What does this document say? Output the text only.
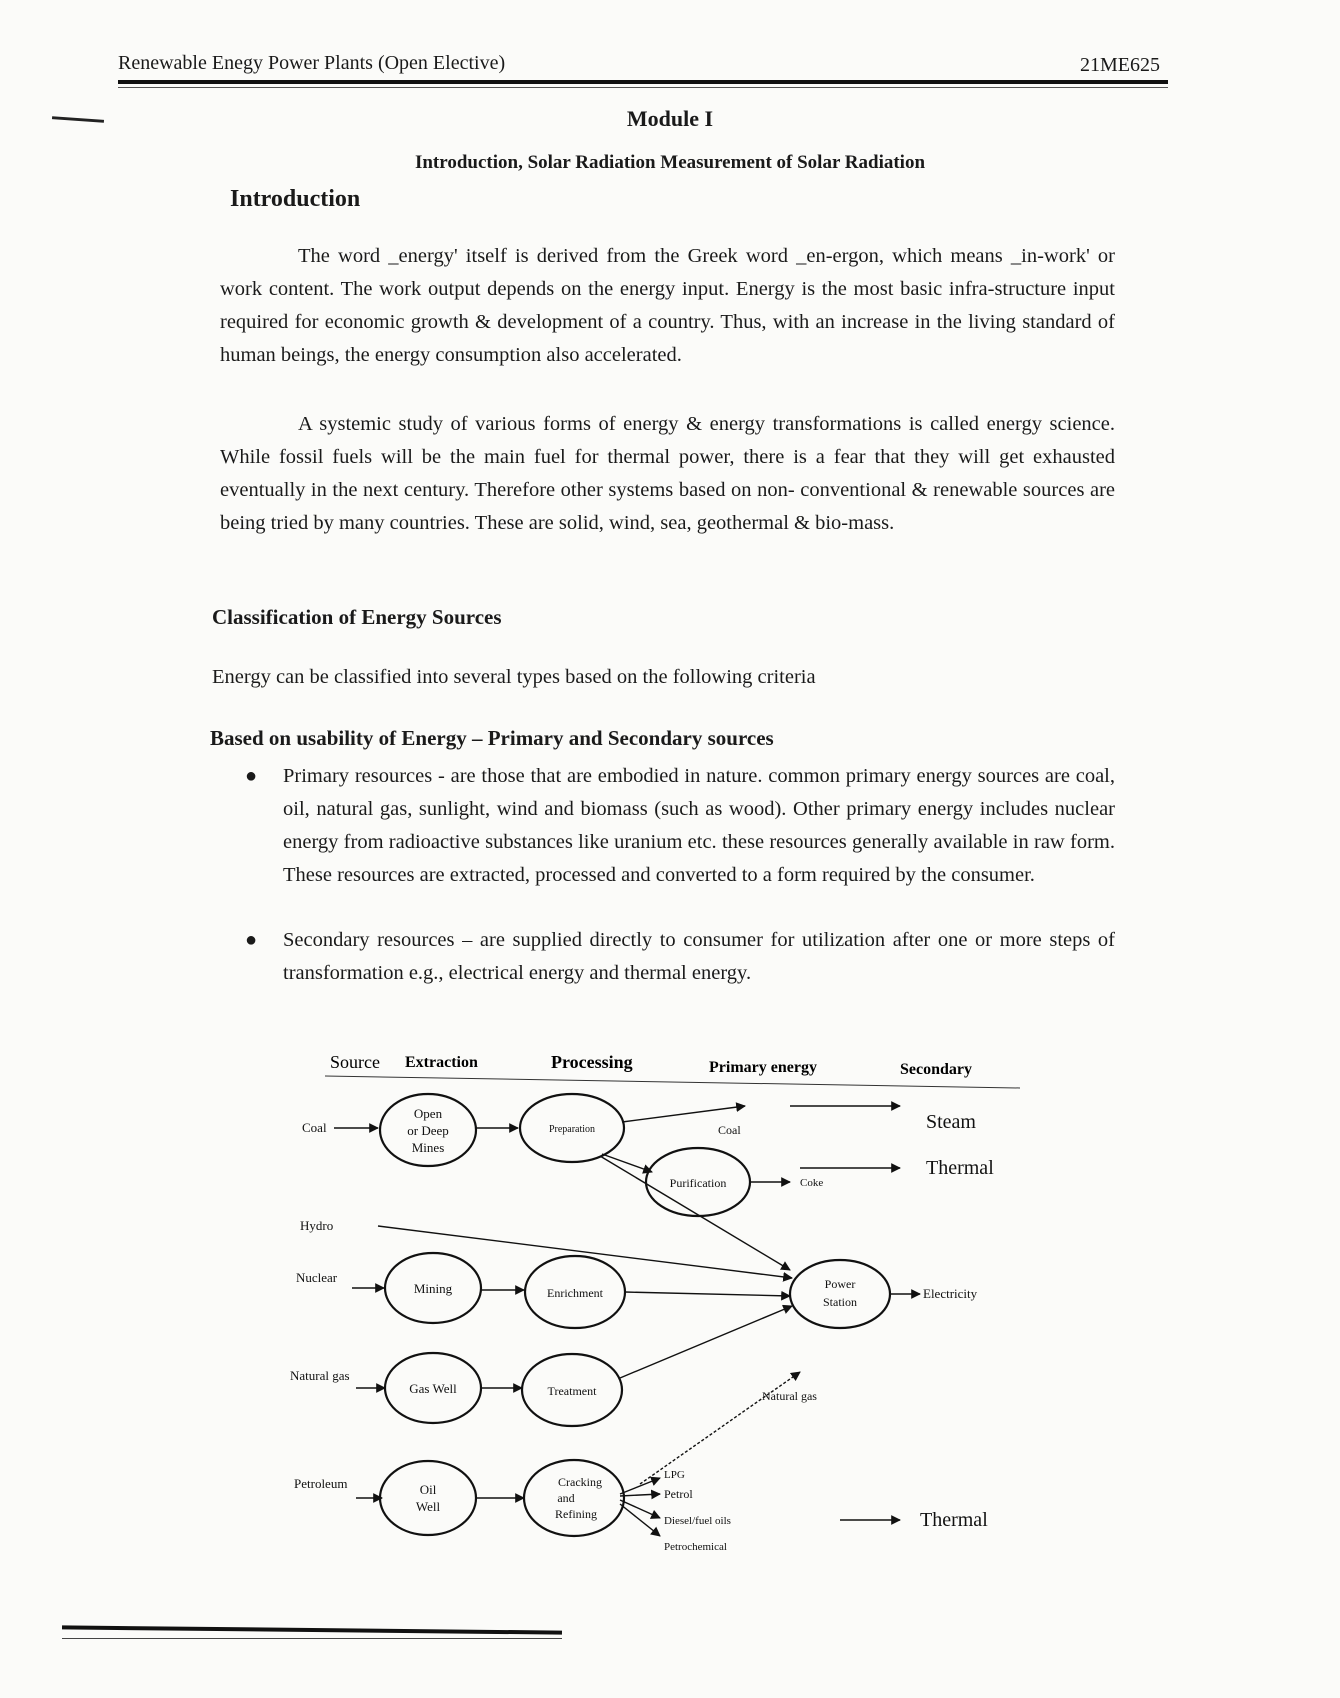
Renewable Enegy Power Plants (Open Elective)	21ME625
Module I
Introduction, Solar Radiation Measurement of Solar Radiation
Introduction

The word _energy' itself is derived from the Greek word _en-ergon, which means _in-work' or work content. The work output depends on the energy input. Energy is the most basic infra-structure input required for economic growth & development of a country. Thus, with an increase in the living standard of human beings, the energy consumption also accelerated.

A systemic study of various forms of energy & energy transformations is called energy science. While fossil fuels will be the main fuel for thermal power, there is a fear that they will get exhausted eventually in the next century. Therefore other systems based on non- conventional & renewable sources are being tried by many countries. These are solid, wind, sea, geothermal & bio-mass.

Classification of Energy Sources
Energy can be classified into several types based on the following criteria
Based on usability of Energy – Primary and Secondary sources
● Primary resources - are those that are embodied in nature. common primary energy sources are coal, oil, natural gas, sunlight, wind and biomass (such as wood). Other primary energy includes nuclear energy from radioactive substances like uranium etc. these resources generally available in raw form. These resources are extracted, processed and converted to a form required by the consumer.
● Secondary resources – are supplied directly to consumer for utilization after one or more steps of transformation e.g., electrical energy and thermal energy.
Source Extraction	Processing	Primary energy	Secondary
Coal
Hydro
Nuclear
Natural gas
Petroleum
Open
or Deep
Mines
Preparation
Purification
Mining	Enrichment
Power
Station
Gas Well	Treatment
Oil
Well
Cracking
and
Refining
Coal
Coke
Steam
Thermal
Electricity
Natural gas
LPG
Petrol
Diesel/fuel oils
Petrochemical
Thermal
